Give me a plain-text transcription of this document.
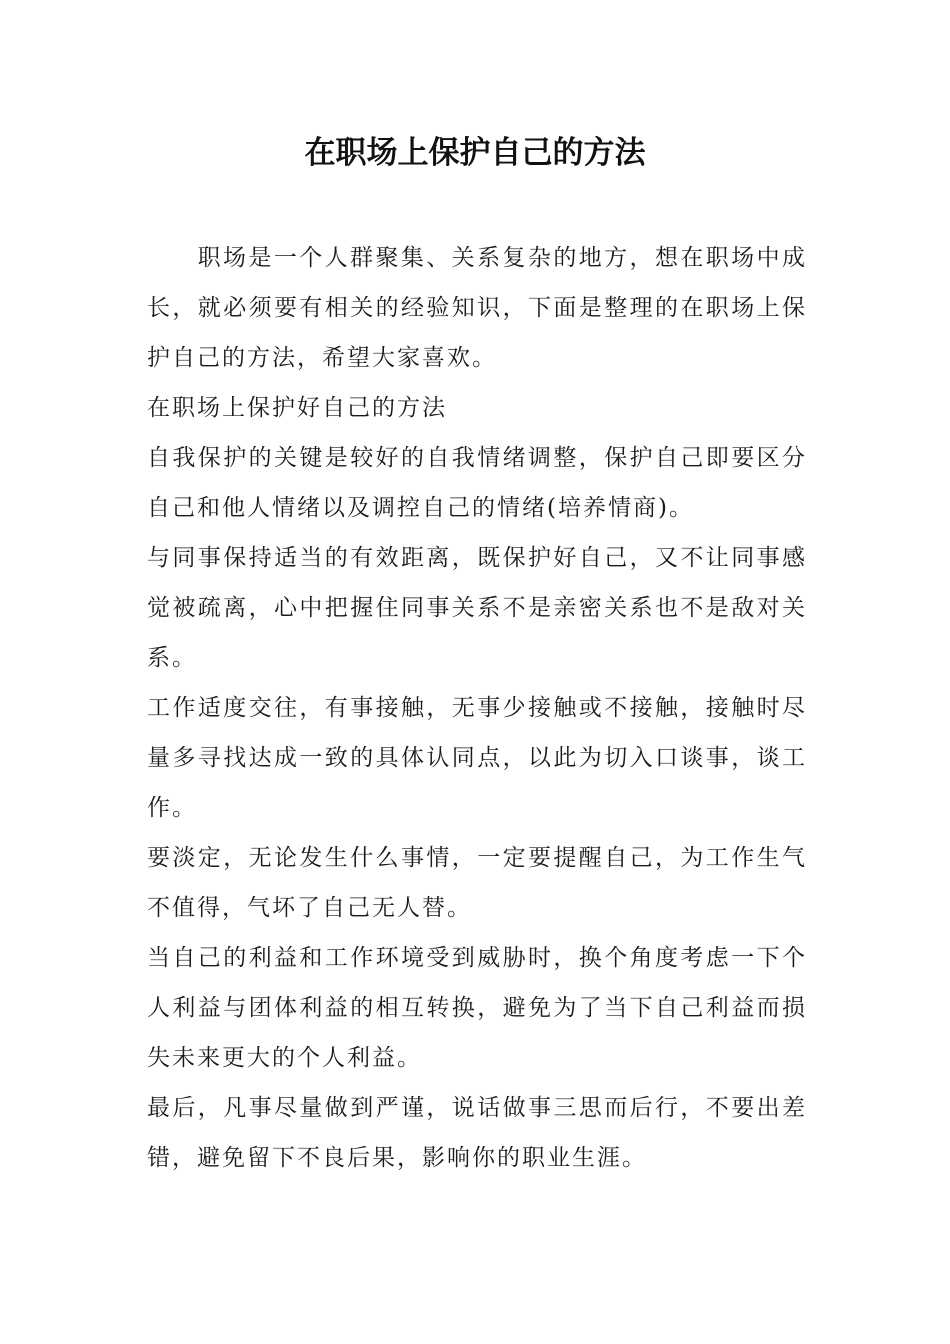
在职场上保护自己的方法

职场是一个人群聚集、关系复杂的地方，想在职场中成长，就必须要有相关的经验知识，下面是整理的在职场上保护自己的方法，希望大家喜欢。

在职场上保护好自己的方法

自我保护的关键是较好的自我情绪调整，保护自己即要区分自己和他人情绪以及调控自己的情绪(培养情商)。

与同事保持适当的有效距离，既保护好自己，又不让同事感觉被疏离，心中把握住同事关系不是亲密关系也不是敌对关系。

工作适度交往，有事接触，无事少接触或不接触，接触时尽量多寻找达成一致的具体认同点，以此为切入口谈事，谈工作。

要淡定，无论发生什么事情，一定要提醒自己，为工作生气不值得，气坏了自己无人替。

当自己的利益和工作环境受到威胁时，换个角度考虑一下个人利益与团体利益的相互转换，避免为了当下自己利益而损失未来更大的个人利益。

最后，凡事尽量做到严谨，说话做事三思而后行，不要出差错，避免留下不良后果，影响你的职业生涯。
